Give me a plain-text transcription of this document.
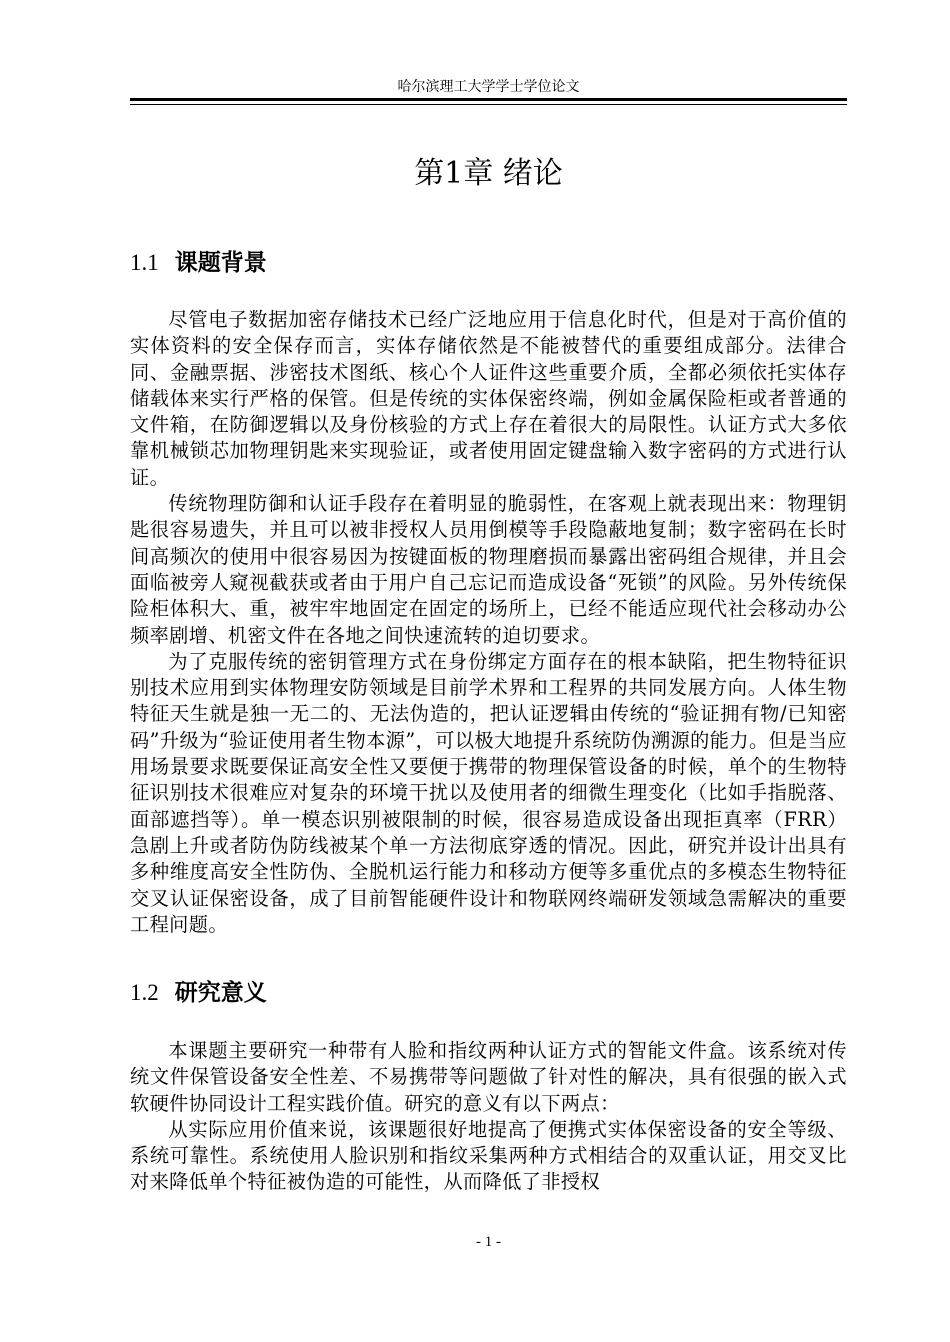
哈尔滨理工大学学士学位论文
第1章 绪论
1.1 课题背景

尽管电子数据加密存储技术已经广泛地应用于信息化时代，但是对于高价值的实体资料的安全保存而言，实体存储依然是不能被替代的重要组成部分。法律合同、金融票据、涉密技术图纸、核心个人证件这些重要介质，全都必须依托实体存储载体来实行严格的保管。但是传统的实体保密终端，例如金属保险柜或者普通的文件箱，在防御逻辑以及身份核验的方式上存在着很大的局限性。认证方式大多依靠机械锁芯加物理钥匙来实现验证，或者使用固定键盘输入数字密码的方式进行认证。

传统物理防御和认证手段存在着明显的脆弱性，在客观上就表现出来：物理钥匙很容易遗失，并且可以被非授权人员用倒模等手段隐蔽地复制；数字密码在长时间高频次的使用中很容易因为按键面板的物理磨损而暴露出密码组合规律，并且会面临被旁人窥视截获或者由于用户自己忘记而造成设备“死锁”的风险。另外传统保险柜体积大、重，被牢牢地固定在固定的场所上，已经不能适应现代社会移动办公频率剧增、机密文件在各地之间快速流转的迫切要求。

为了克服传统的密钥管理方式在身份绑定方面存在的根本缺陷，把生物特征识别技术应用到实体物理安防领域是目前学术界和工程界的共同发展方向。人体生物特征天生就是独一无二的、无法伪造的，把认证逻辑由传统的“验证拥有物/已知密码”升级为“验证使用者生物本源”，可以极大地提升系统防伪溯源的能力。但是当应用场景要求既要保证高安全性又要便于携带的物理保管设备的时候，单个的生物特征识别技术很难应对复杂的环境干扰以及使用者的细微生理变化（比如手指脱落、面部遮挡等）。单一模态识别被限制的时候，很容易造成设备出现拒真率（FRR）急剧上升或者防伪防线被某个单一方法彻底穿透的情况。因此，研究并设计出具有多种维度高安全性防伪、全脱机运行能力和移动方便等多重优点的多模态生物特征交叉认证保密设备，成了目前智能硬件设计和物联网终端研发领域急需解决的重要工程问题。

1.2 研究意义

本课题主要研究一种带有人脸和指纹两种认证方式的智能文件盒。该系统对传统文件保管设备安全性差、不易携带等问题做了针对性的解决，具有很强的嵌入式软硬件协同设计工程实践价值。研究的意义有以下两点：

从实际应用价值来说，该课题很好地提高了便携式实体保密设备的安全等级、系统可靠性。系统使用人脸识别和指纹采集两种方式相结合的双重认证，用交叉比对来降低单个特征被伪造的可能性，从而降低了非授权

- 1 -
